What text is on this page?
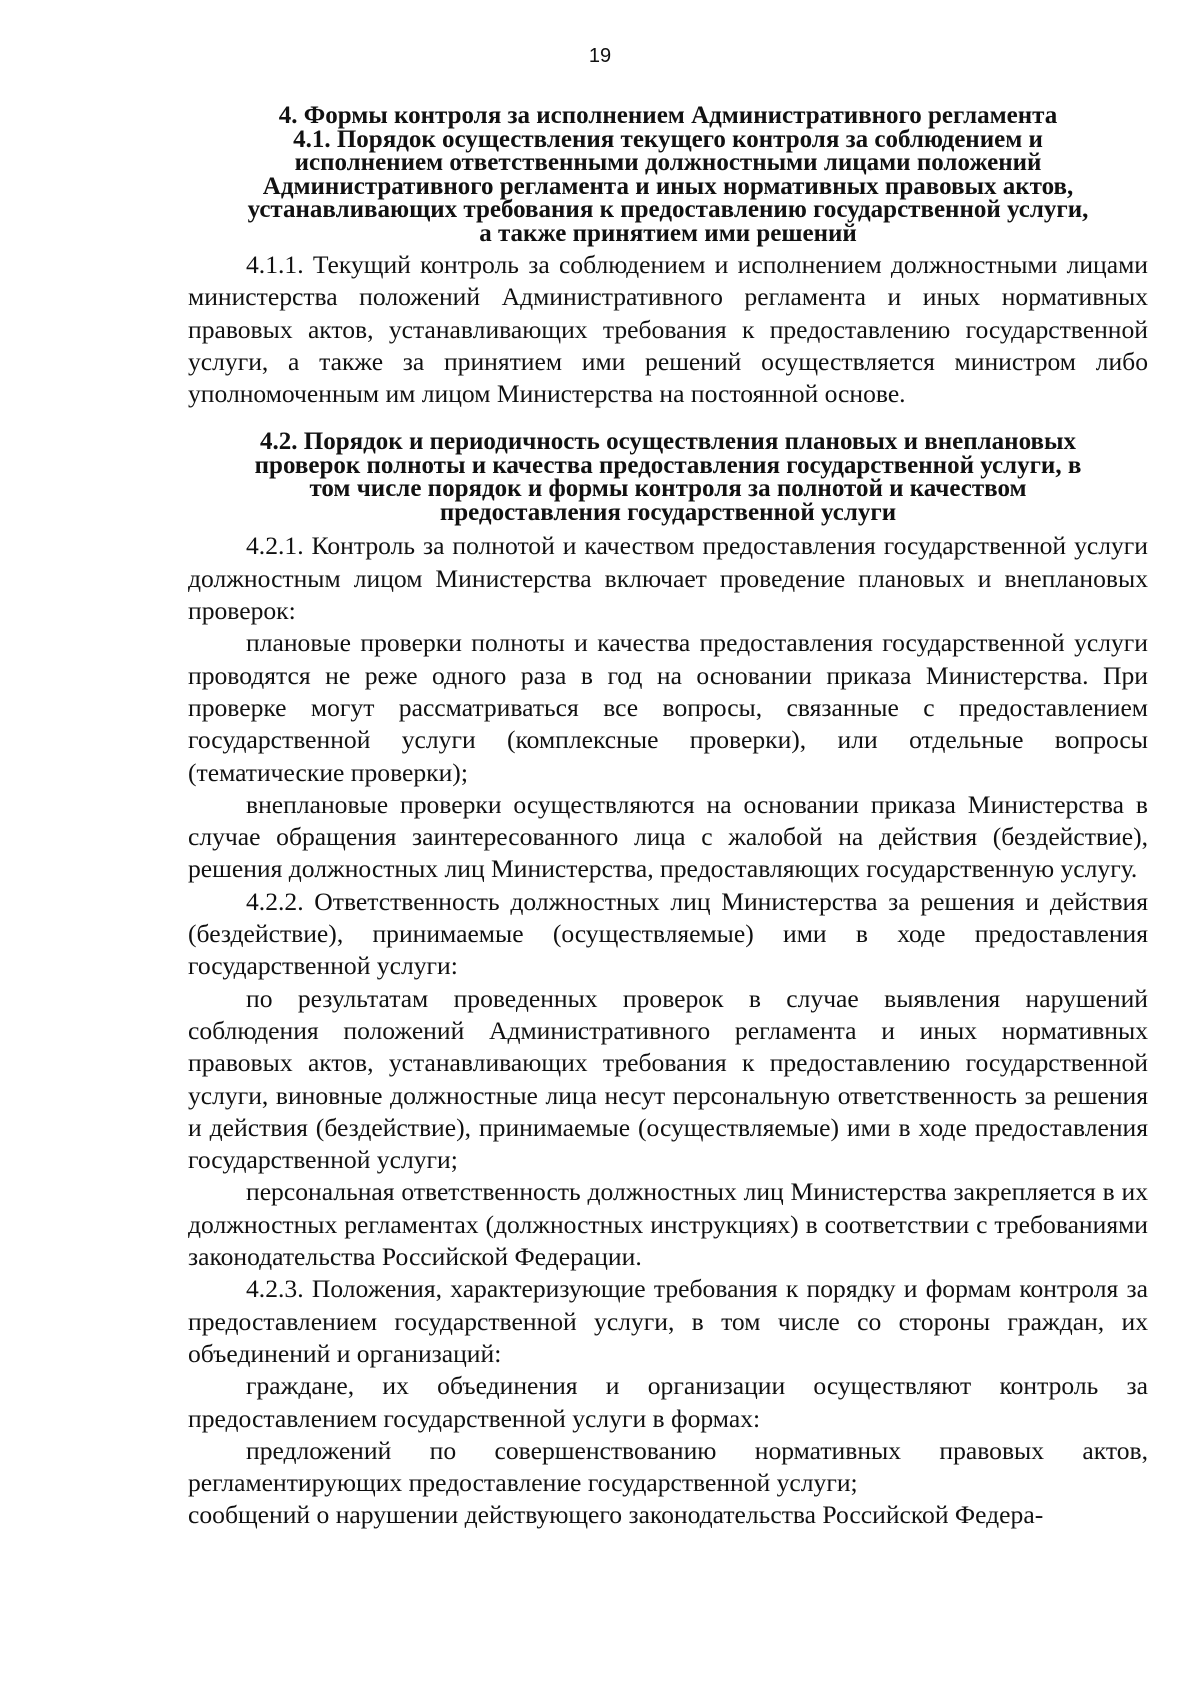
19
4. Формы контроля за исполнением Административного регламента
4.1. Порядок осуществления текущего контроля за соблюдением и
исполнением ответственными должностными лицами положений
Административного регламента и иных нормативных правовых актов,
устанавливающих требования к предоставлению государственной услуги,
а также принятием ими решений

4.1.1. Текущий контроль за соблюдением и исполнением должностными лицами министерства положений Административного регламента и иных нормативных правовых актов, устанавливающих требования к предоставлению государственной услуги, а также за принятием ими решений осуществляется министром либо уполномоченным им лицом Министерства на постоянной основе.

4.2. Порядок и периодичность осуществления плановых и внеплановых
проверок полноты и качества предоставления государственной услуги, в
том числе порядок и формы контроля за полнотой и качеством
предоставления государственной услуги

4.2.1. Контроль за полнотой и качеством предоставления государственной услуги должностным лицом Министерства включает проведение плановых и внеплановых проверок:

плановые проверки полноты и качества предоставления государственной услуги проводятся не реже одного раза в год на основании приказа Министерства. При проверке могут рассматриваться все вопросы, связанные с предоставлением государственной услуги (комплексные проверки), или отдельные вопросы (тематические проверки);

внеплановые проверки осуществляются на основании приказа Министерства в случае обращения заинтересованного лица с жалобой на действия (бездействие), решения должностных лиц Министерства, предоставляющих государственную услугу.

4.2.2. Ответственность должностных лиц Министерства за решения и действия (бездействие), принимаемые (осуществляемые) ими в ходе предоставления государственной услуги:

по результатам проведенных проверок в случае выявления нарушений соблюдения положений Административного регламента и иных нормативных правовых актов, устанавливающих требования к предоставлению государственной услуги, виновные должностные лица несут персональную ответственность за решения и действия (бездействие), принимаемые (осуществляемые) ими в ходе предоставления государственной услуги;

персональная ответственность должностных лиц Министерства закрепляется в их должностных регламентах (должностных инструкциях) в соответствии с требованиями законодательства Российской Федерации.

4.2.3. Положения, характеризующие требования к порядку и формам контроля за предоставлением государственной услуги, в том числе со стороны граждан, их объединений и организаций:

граждане, их объединения и организации осуществляют контроль за предоставлением государственной услуги в формах:

предложений по совершенствованию нормативных правовых актов, регламентирующих предоставление государственной услуги;

сообщений о нарушении действующего законодательства Российской Федера-
